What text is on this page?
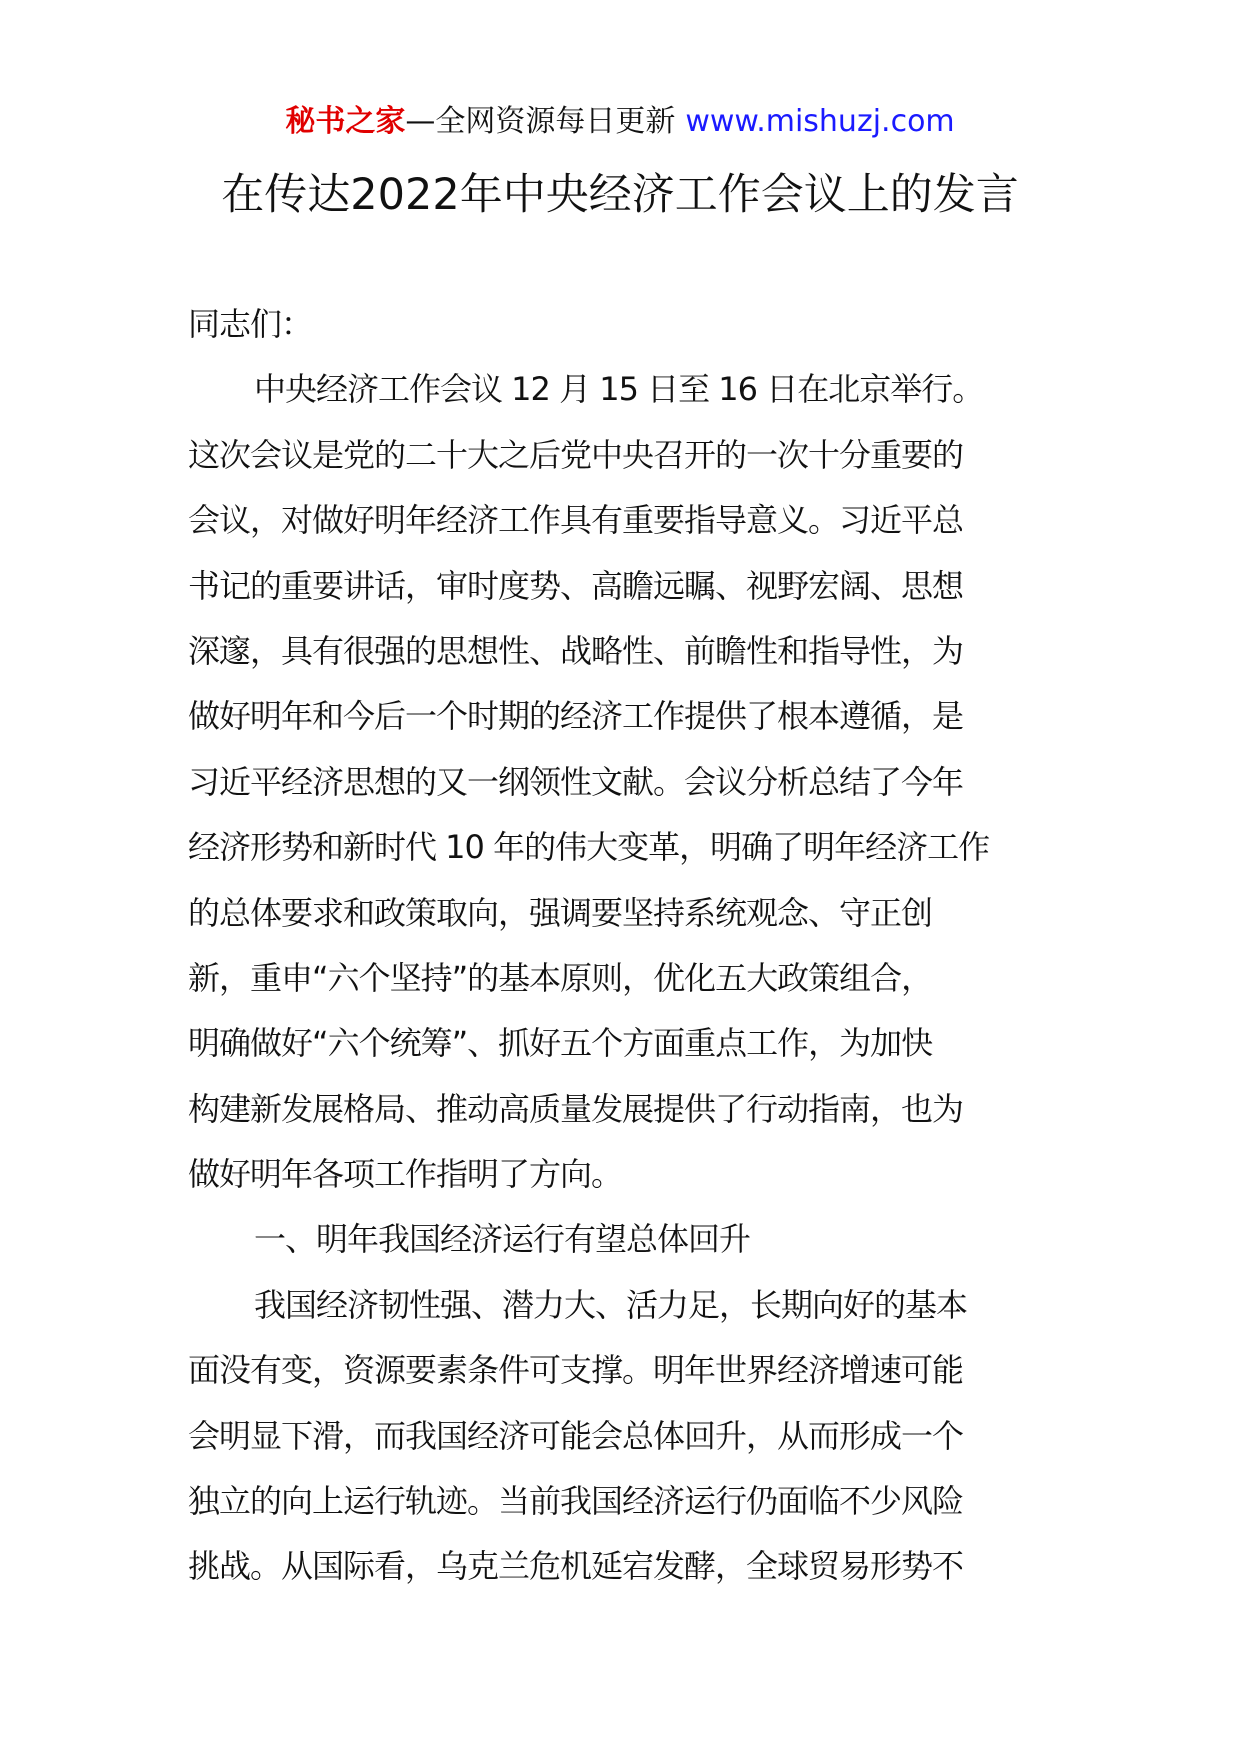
秘书之家—全网资源每日更新 www.mishuzj.com
在传达2022年中央经济工作会议上的发言
同志们：
中央经济工作会议 12 月 15 日至 16 日在北京举行。
这次会议是党的二十大之后党中央召开的一次十分重要的
会议，对做好明年经济工作具有重要指导意义。习近平总
书记的重要讲话，审时度势、高瞻远瞩、视野宏阔、思想
深邃，具有很强的思想性、战略性、前瞻性和指导性，为
做好明年和今后一个时期的经济工作提供了根本遵循，是
习近平经济思想的又一纲领性文献。会议分析总结了今年
经济形势和新时代 10 年的伟大变革，明确了明年经济工作
的总体要求和政策取向，强调要坚持系统观念、守正创
新，重申“六个坚持”的基本原则，优化五大政策组合，
明确做好“六个统筹”、抓好五个方面重点工作，为加快
构建新发展格局、推动高质量发展提供了行动指南，也为
做好明年各项工作指明了方向。
一、明年我国经济运行有望总体回升
我国经济韧性强、潜力大、活力足，长期向好的基本
面没有变，资源要素条件可支撑。明年世界经济增速可能
会明显下滑，而我国经济可能会总体回升，从而形成一个
独立的向上运行轨迹。当前我国经济运行仍面临不少风险
挑战。从国际看，乌克兰危机延宕发酵，全球贸易形势不
